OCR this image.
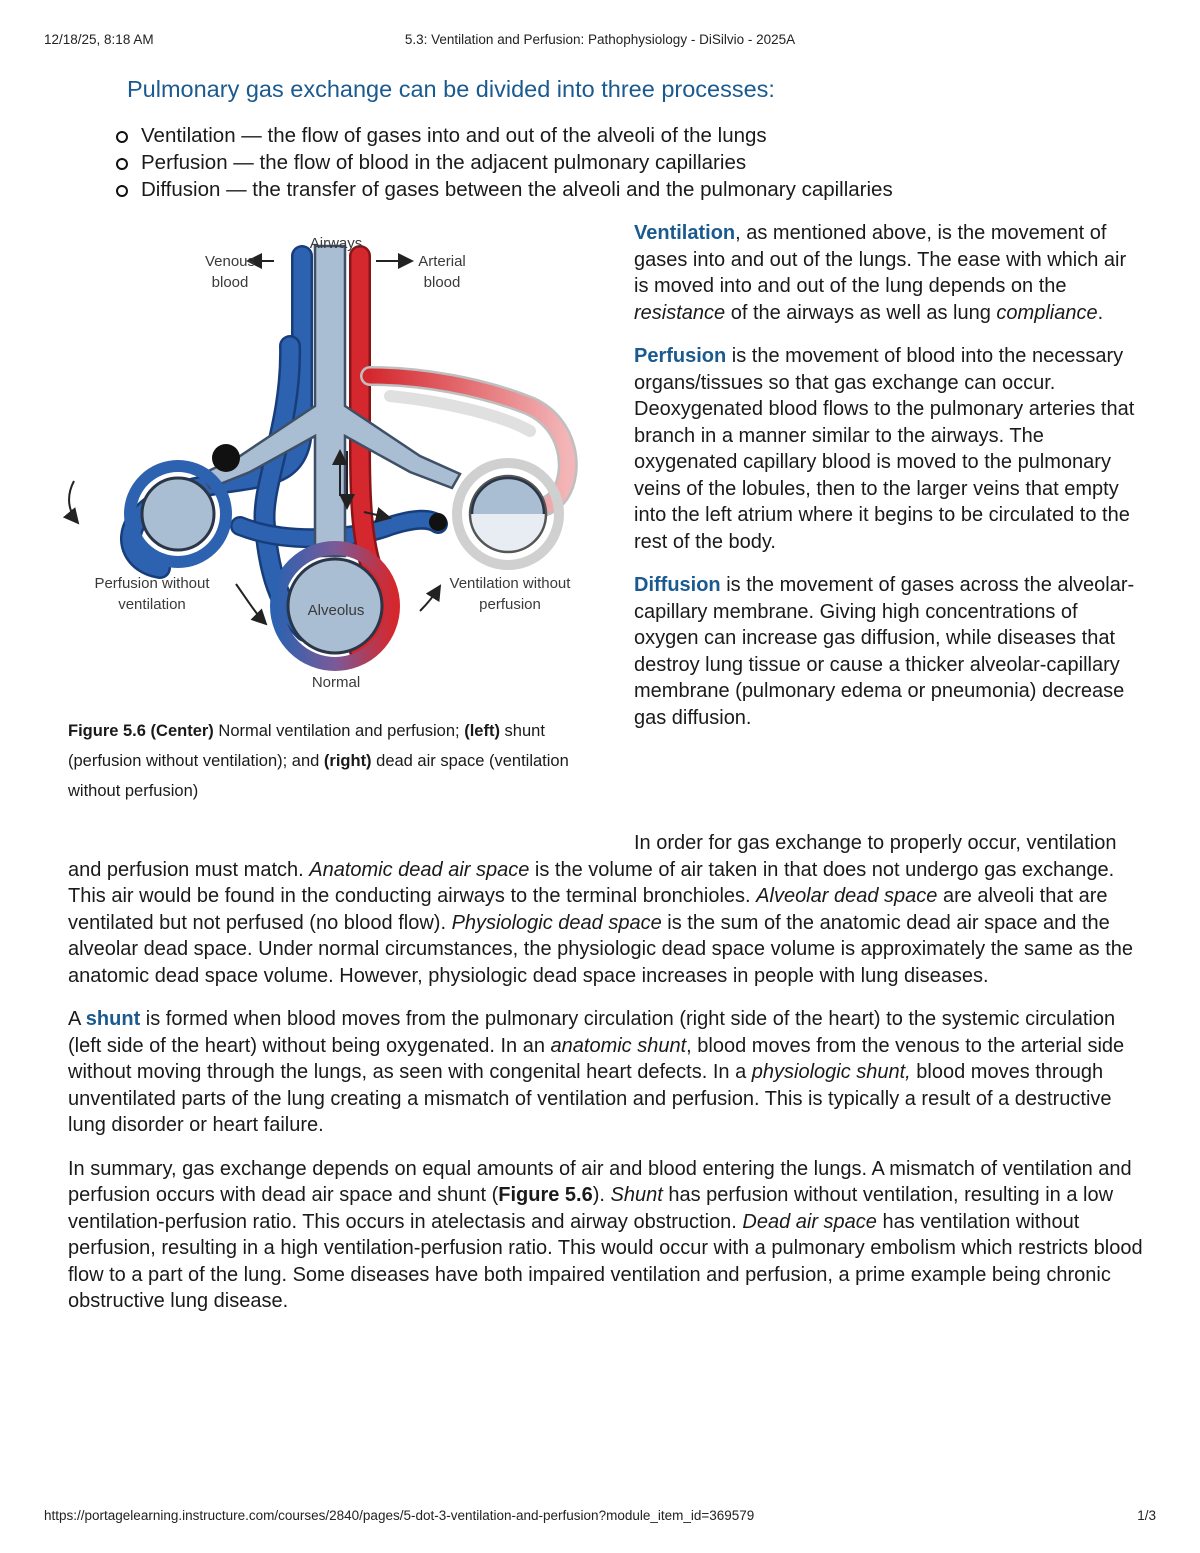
12/18/25, 8:18 AM	5.3: Ventilation and Perfusion: Pathophysiology - DiSilvio - 2025A
Pulmonary gas exchange can be divided into three processes:
Ventilation — the flow of gases into and out of the alveoli of the lungs
Perfusion — the flow of blood in the adjacent pulmonary capillaries
Diffusion — the transfer of gases between the alveoli and the pulmonary capillaries
Airways
Venous
blood
Arterial
blood
Perfusion without
ventilation
Ventilation without
perfusion
Alveolus
Normal
Figure 5.6 (Center) Normal ventilation and perfusion; (left) shunt (perfusion without ventilation); and (right) dead air space (ventilation without perfusion)

Ventilation, as mentioned above, is the movement of gases into and out of the lungs. The ease with which air is moved into and out of the lung depends on the resistance of the airways as well as lung compliance.

Perfusion is the movement of blood into the necessary organs/tissues so that gas exchange can occur. Deoxygenated blood flows to the pulmonary arteries that branch in a manner similar to the airways. The oxygenated capillary blood is moved to the pulmonary veins of the lobules, then to the larger veins that empty into the left atrium where it begins to be circulated to the rest of the body.

Diffusion is the movement of gases across the alveolar-capillary membrane. Giving high concentrations of oxygen can increase gas diffusion, while diseases that destroy lung tissue or cause a thicker alveolar-capillary membrane (pulmonary edema or pneumonia) decrease gas diffusion.

In order for gas exchange to properly occur, ventilation and perfusion must match. Anatomic dead air space is the volume of air taken in that does not undergo gas exchange. This air would be found in the conducting airways to the terminal bronchioles. Alveolar dead space are alveoli that are ventilated but not perfused (no blood flow). Physiologic dead space is the sum of the anatomic dead air space and the alveolar dead space. Under normal circumstances, the physiologic dead space volume is approximately the same as the anatomic dead space volume. However, physiologic dead space increases in people with lung diseases.

A shunt is formed when blood moves from the pulmonary circulation (right side of the heart) to the systemic circulation (left side of the heart) without being oxygenated. In an anatomic shunt, blood moves from the venous to the arterial side without moving through the lungs, as seen with congenital heart defects. In a physiologic shunt, blood moves through unventilated parts of the lung creating a mismatch of ventilation and perfusion. This is typically a result of a destructive lung disorder or heart failure.

In summary, gas exchange depends on equal amounts of air and blood entering the lungs. A mismatch of ventilation and perfusion occurs with dead air space and shunt (Figure 5.6). Shunt has perfusion without ventilation, resulting in a low ventilation-perfusion ratio. This occurs in atelectasis and airway obstruction. Dead air space has ventilation without perfusion, resulting in a high ventilation-perfusion ratio. This would occur with a pulmonary embolism which restricts blood flow to a part of the lung. Some diseases have both impaired ventilation and perfusion, a prime example being chronic obstructive lung disease.

https://portagelearning.instructure.com/courses/2840/pages/5-dot-3-ventilation-and-perfusion?module_item_id=369579	1/3
